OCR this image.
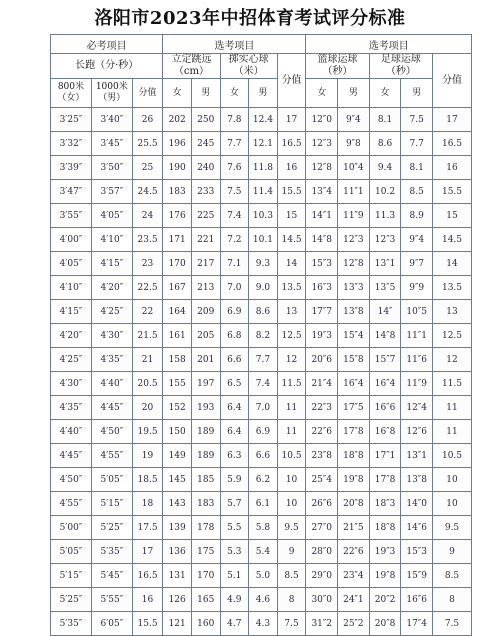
洛阳市2023年中招体育考试评分标准
必考项目			选考项目					选考项目				
长跑（分·秒）			立定跳远（cm）		掷实心球（米）		分值	篮球运球（秒）		足球运球（秒）		分值
800米（女）	1000米（男）	分值	女	男	女	男		女	男	女	男	
3′25″	3′40″	26	202	250	7.8	12.4	17	12″0	9″4	8.1	7.5	17
3′32″	3′45″	25.5	196	245	7.7	12.1	16.5	12″3	9″8	8.6	7.7	16.5
3′39″	3′50″	25	190	240	7.6	11.8	16	12″8	10″4	9.4	8.1	16
3′47″	3′57″	24.5	183	233	7.5	11.4	15.5	13″4	11″1	10.2	8.5	15.5
3′55″	4′05″	24	176	225	7.4	10.3	15	14″1	11″9	11.3	8.9	15
4′00″	4′10″	23.5	171	221	7.2	10.1	14.5	14″8	12″3	12″3	9″4	14.5
4′05″	4′15″	23	170	217	7.1	9.3	14	15″3	12″8	13″1	9″7	14
4′10″	4′20″	22.5	167	213	7.0	9.0	13.5	16″3	13″3	13″5	9″9	13.5
4′15″	4′25″	22	164	209	6.9	8.6	13	17″7	13″8	14″	10″5	13
4′20″	4′30″	21.5	161	205	6.8	8.2	12.5	19″3	15″4	14″8	11″1	12.5
4′25″	4′35″	21	158	201	6.6	7.7	12	20″6	15″8	15″7	11″6	12
4′30″	4′40″	20.5	155	197	6.5	7.4	11.5	21″4	16″4	16″4	11″9	11.5
4′35″	4′45″	20	152	193	6.4	7.0	11	22″3	17″5	16″6	12″4	11
4′40″	4′50″	19.5	150	189	6.4	6.9	11	22″6	17″8	16″8	12″6	11
4′45″	4′55″	19	149	189	6.3	6.6	10.5	23″8	18″8	17″1	13″1	10.5
4′50″	5′05″	18.5	145	185	5.9	6.2	10	25″4	19″8	17″8	13″8	10
4′55″	5′15″	18	143	183	5.7	6.1	10	26″6	20″8	18″3	14″0	10
5′00″	5′25″	17.5	139	178	5.5	5.8	9.5	27″0	21″5	18″8	14″6	9.5
5′05″	5′35″	17	136	175	5.3	5.4	9	28″0	22″6	19″3	15″3	9
5′15″	5′45″	16.5	131	170	5.1	5.0	8.5	29″0	23″4	19″8	15″9	8.5
5′25″	5′55″	16	126	165	4.9	4.6	8	30″0	24″1	20″2	16″6	8
5′35″	6′05″	15.5	121	160	4.7	4.3	7.5	31″2	25″2	20″8	17″4	7.5
